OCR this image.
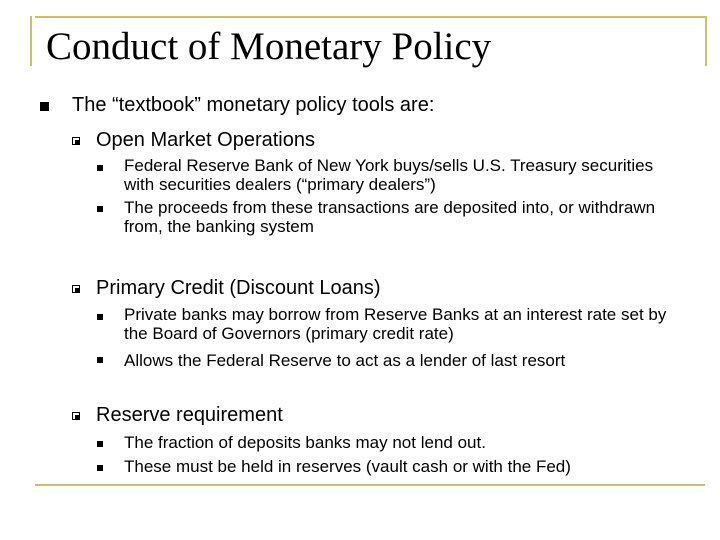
Conduct of Monetary Policy
The “textbook” monetary policy tools are:
Open Market Operations
Federal Reserve Bank of New York buys/sells U.S. Treasury securities with securities dealers (“primary dealers”)
The proceeds from these transactions are deposited into, or withdrawn from, the banking system
Primary Credit (Discount Loans)
Private banks may borrow from Reserve Banks at an interest rate set by the Board of Governors (primary credit rate)
Allows the Federal Reserve to act as a lender of last resort
Reserve requirement
The fraction of deposits banks may not lend out.
These must be held in reserves (vault cash or with the Fed)
